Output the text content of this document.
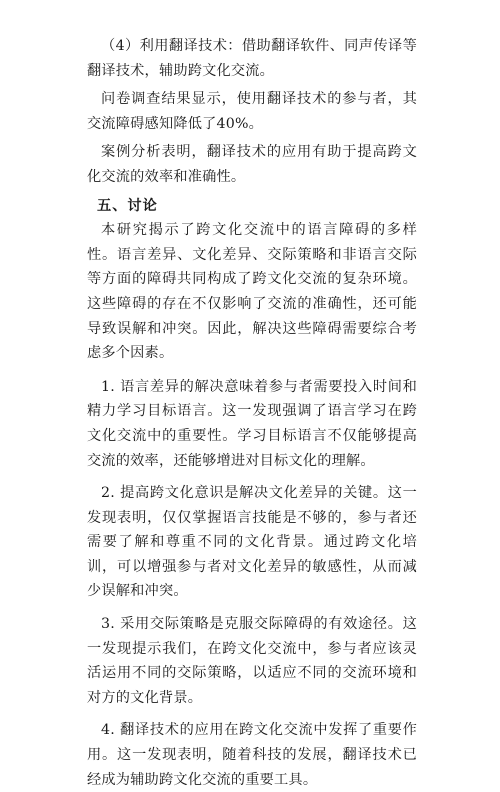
（4）利用翻译技术：借助翻译软件、同声传译等翻译技术，辅助跨文化交流。

问卷调查结果显示，使用翻译技术的参与者，其交流障碍感知降低了40%。

案例分析表明，翻译技术的应用有助于提高跨文化交流的效率和准确性。

五、讨论

本研究揭示了跨文化交流中的语言障碍的多样性。语言差异、文化差异、交际策略和非语言交际等方面的障碍共同构成了跨文化交流的复杂环境。这些障碍的存在不仅影响了交流的准确性，还可能导致误解和冲突。因此，解决这些障碍需要综合考虑多个因素。

1. 语言差异的解决意味着参与者需要投入时间和精力学习目标语言。这一发现强调了语言学习在跨文化交流中的重要性。学习目标语言不仅能够提高交流的效率，还能够增进对目标文化的理解。

2. 提高跨文化意识是解决文化差异的关键。这一发现表明，仅仅掌握语言技能是不够的，参与者还需要了解和尊重不同的文化背景。通过跨文化培训，可以增强参与者对文化差异的敏感性，从而减少误解和冲突。

3. 采用交际策略是克服交际障碍的有效途径。这一发现提示我们，在跨文化交流中，参与者应该灵活运用不同的交际策略，以适应不同的交流环境和对方的文化背景。

4. 翻译技术的应用在跨文化交流中发挥了重要作用。这一发现表明，随着科技的发展，翻译技术已经成为辅助跨文化交流的重要工具。
